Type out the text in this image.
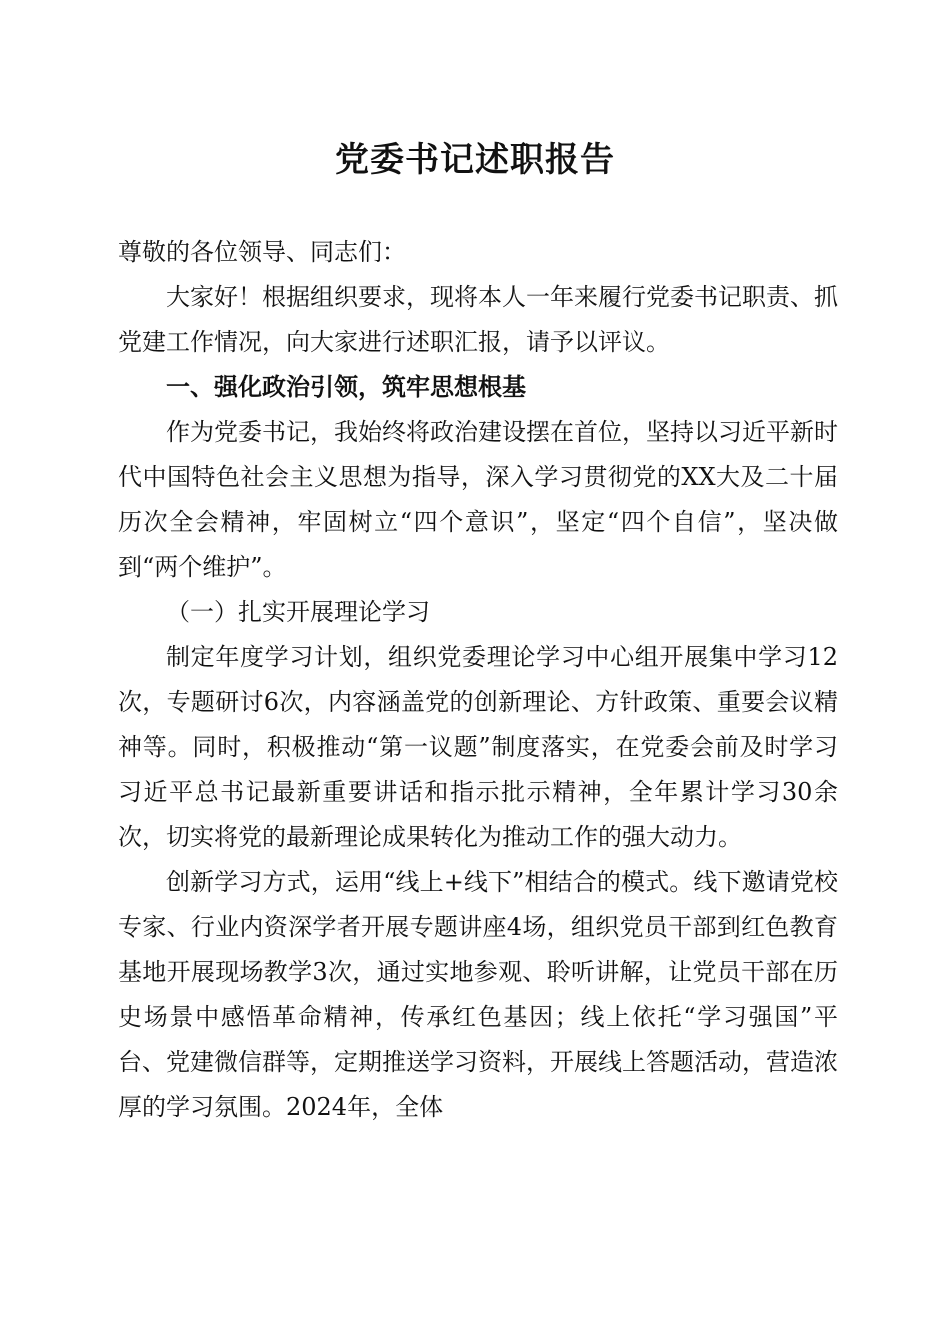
党委书记述职报告

尊敬的各位领导、同志们：

大家好！根据组织要求，现将本人一年来履行党委书记职责、抓党建工作情况，向大家进行述职汇报，请予以评议。

一、强化政治引领，筑牢思想根基

作为党委书记，我始终将政治建设摆在首位，坚持以习近平新时代中国特色社会主义思想为指导，深入学习贯彻党的XX大及二十届历次全会精神，牢固树立“四个意识”，坚定“四个自信”，坚决做到“两个维护”。

（一）扎实开展理论学习

制定年度学习计划，组织党委理论学习中心组开展集中学习12次，专题研讨6次，内容涵盖党的创新理论、方针政策、重要会议精神等。同时，积极推动“第一议题”制度落实，在党委会前及时学习习近平总书记最新重要讲话和指示批示精神，全年累计学习30余次，切实将党的最新理论成果转化为推动工作的强大动力。

创新学习方式，运用“线上+线下”相结合的模式。线下邀请党校专家、行业内资深学者开展专题讲座4场，组织党员干部到红色教育基地开展现场教学3次，通过实地参观、聆听讲解，让党员干部在历史场景中感悟革命精神，传承红色基因；线上依托“学习强国”平台、党建微信群等，定期推送学习资料，开展线上答题活动，营造浓厚的学习氛围。2024年，全体
